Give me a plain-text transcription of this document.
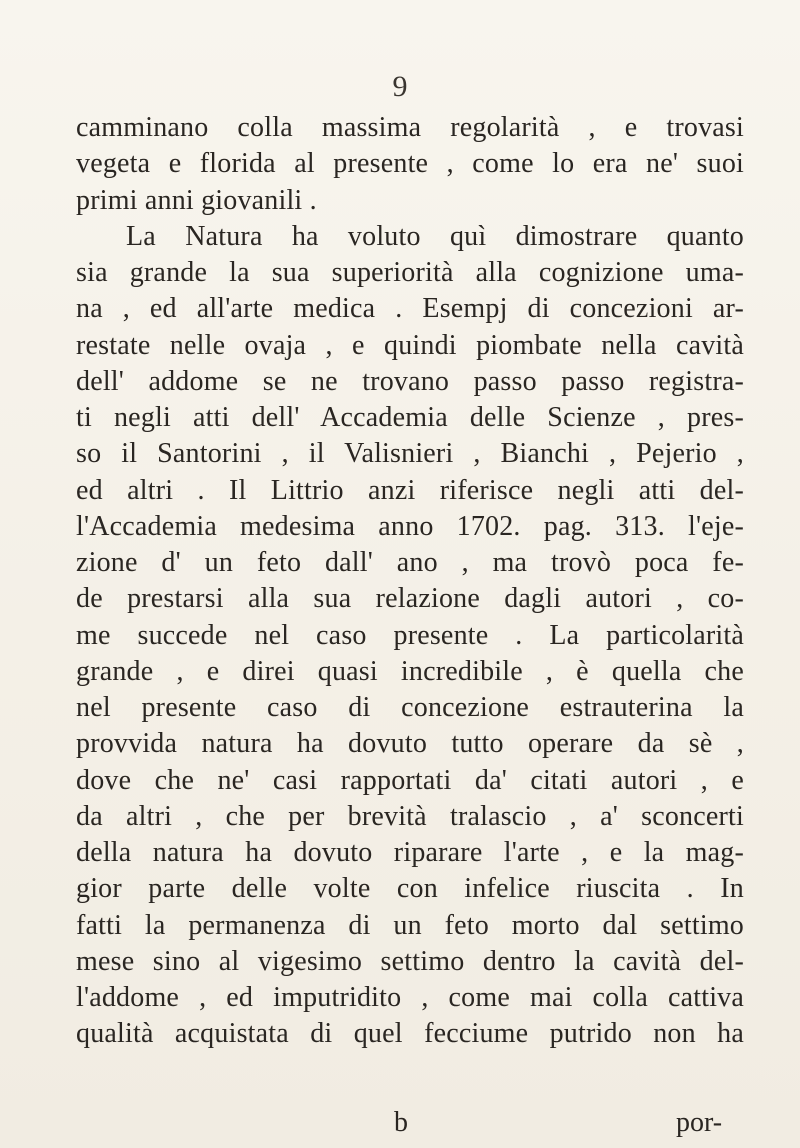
9
camminano colla massima regolarità , e trovasi
vegeta e florida al presente , come lo era ne' suoi
primi anni giovanili .
La Natura ha voluto quì dimostrare quanto
sia grande la sua superiorità alla cognizione uma-
na , ed all'arte medica . Esempj di concezioni ar-
restate nelle ovaja , e quindi piombate nella cavità
dell' addome se ne trovano passo passo registra-
ti negli atti dell' Accademia delle Scienze , pres-
so il Santorini , il Valisnieri , Bianchi , Pejerio ,
ed altri . Il Littrio anzi riferisce negli atti del-
l'Accademia medesima anno 1702. pag. 313. l'eje-
zione d' un feto dall' ano , ma trovò poca fe-
de prestarsi alla sua relazione dagli autori , co-
me succede nel caso presente . La particolarità
grande , e direi quasi incredibile , è quella che
nel presente caso di concezione estrauterina la
provvida natura ha dovuto tutto operare da sè ,
dove che ne' casi rapportati da' citati autori , e
da altri , che per brevità tralascio , a' sconcerti
della natura ha dovuto riparare l'arte , e la mag-
gior parte delle volte con infelice riuscita . In
fatti la permanenza di un feto morto dal settimo
mese sino al vigesimo settimo dentro la cavità del-
l'addome , ed imputridito , come mai colla cattiva
qualità acquistata di quel fecciume putrido non ha
b	por-
